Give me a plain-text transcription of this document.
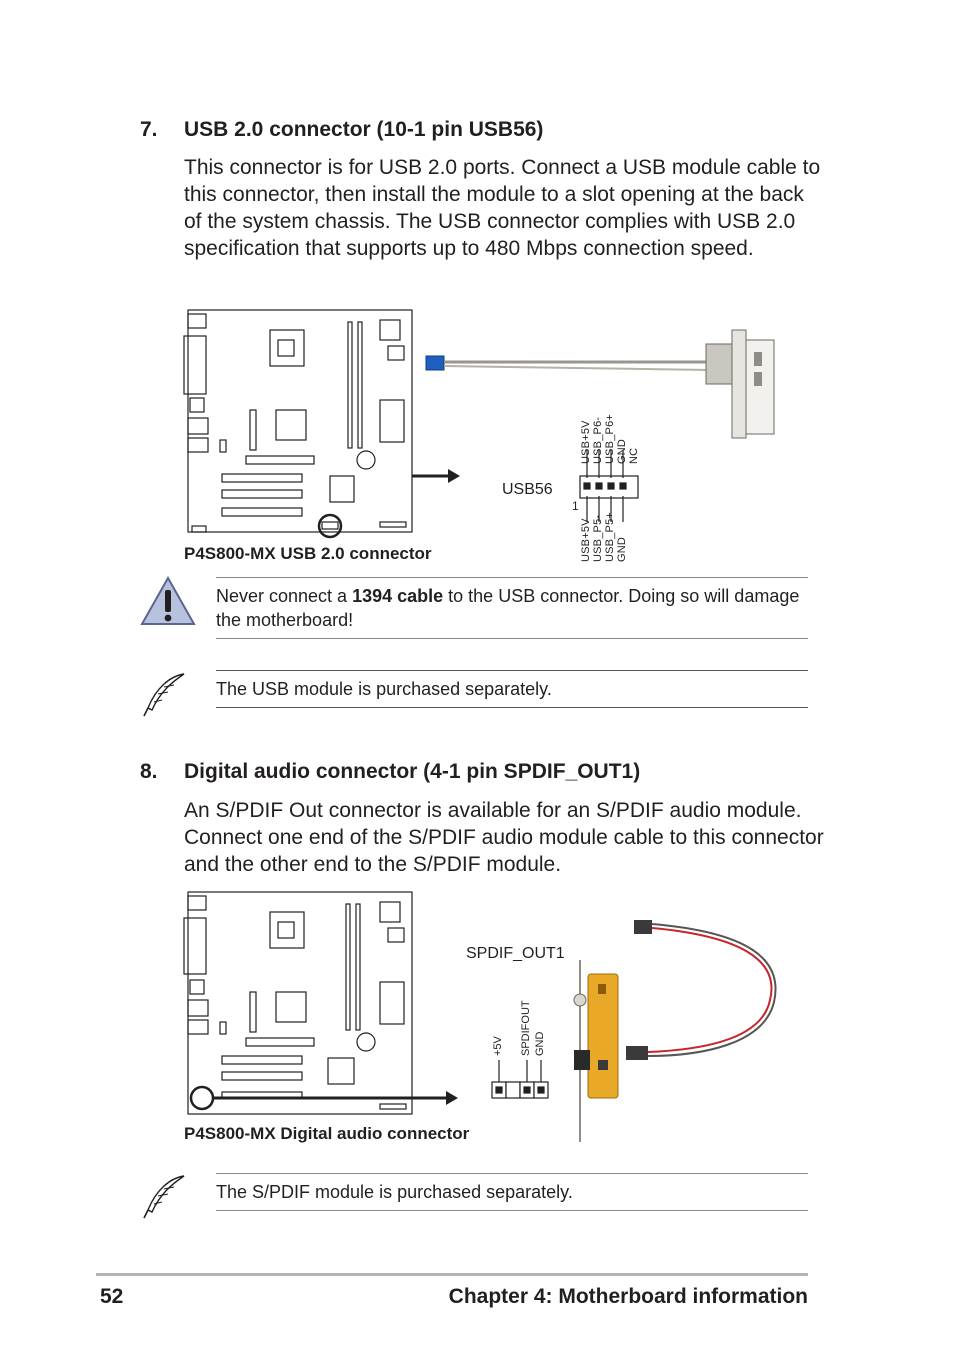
7. USB 2.0 connector (10-1 pin USB56)
This connector is for USB 2.0 ports. Connect a USB module cable to this connector, then install the module to a slot opening at the back of the system chassis. The USB connector complies with USB 2.0 specification that supports up to 480 Mbps connection speed.
1
USB56
USB+5V USB_P6- USB_P6+ GND NC
USB+5V USB_P5- USB_P5+ GND
P4S800-MX USB 2.0 connector
Never connect a 1394 cable to the USB connector. Doing so will damage the motherboard!
The USB module is purchased separately.
8. Digital audio connector (4-1 pin SPDIF_OUT1)
An S/PDIF Out connector is available for an S/PDIF audio module. Connect one end of the S/PDIF audio module cable to this connector and the other end to the S/PDIF module.
SPDIF_OUT1
+5V SPDIFOUT GND
P4S800-MX Digital audio connector
The S/PDIF module is purchased separately.
52	Chapter 4: Motherboard information
